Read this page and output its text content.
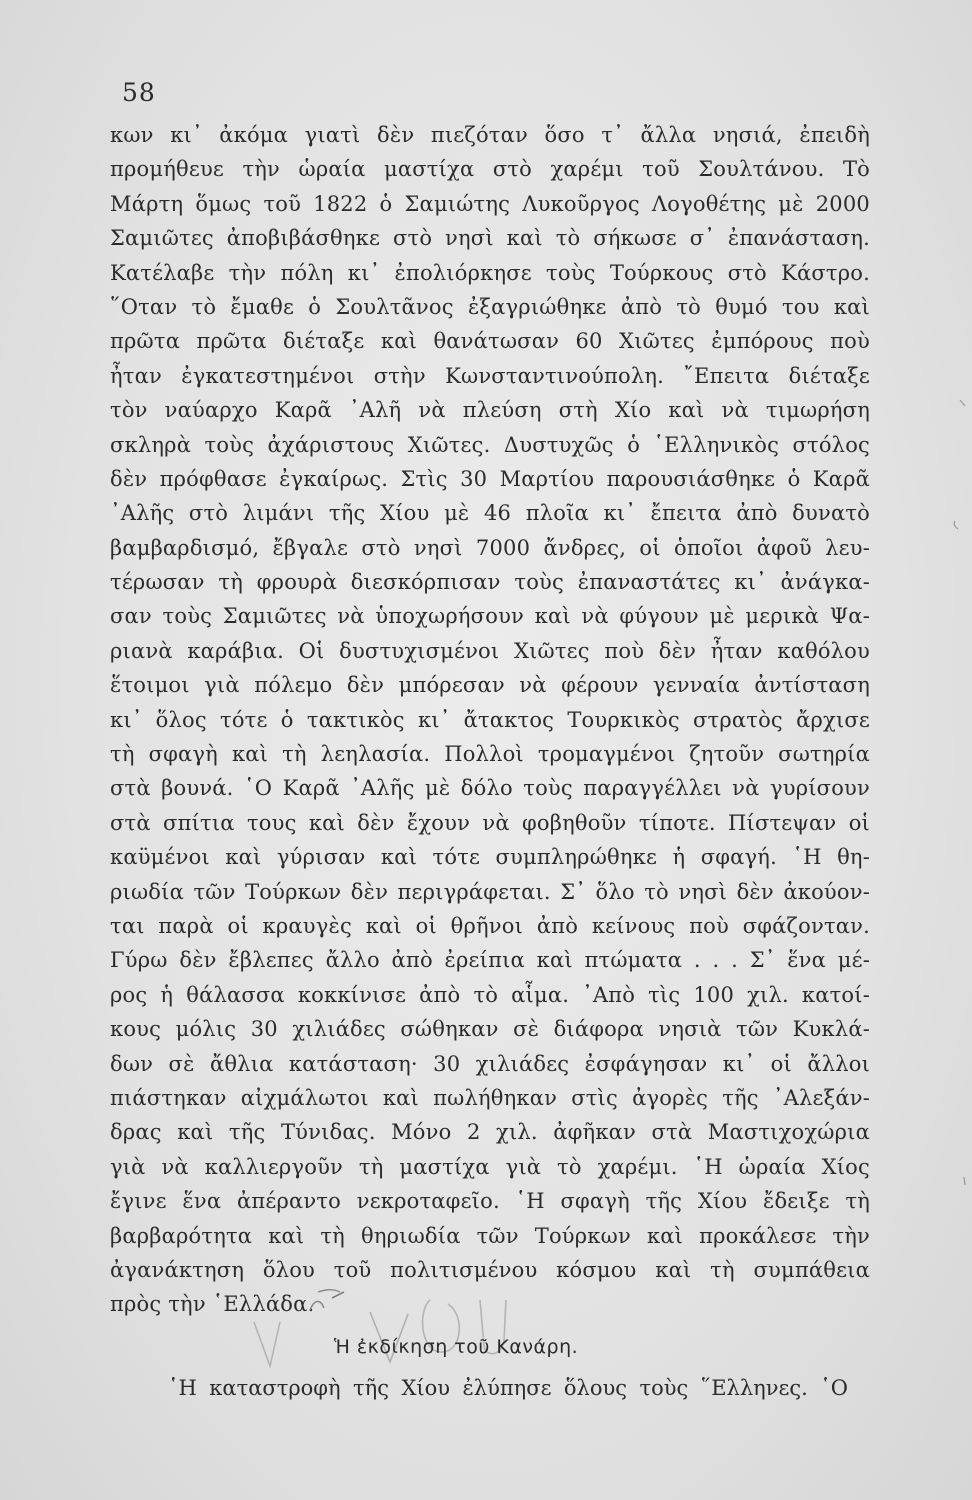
58
κων κι᾿ ἀκόμα γιατὶ δὲν πιεζόταν ὅσο τ᾿ ἄλλα νησιά, ἐπειδὴ
προμήθευε τὴν ὡραία μαστίχα στὸ χαρέμι τοῦ Σουλτάνου. Τὸ
Μάρτη ὅμως τοῦ 1822 ὁ Σαμιώτης Λυκοῦργος Λογοθέτης μὲ 2000
Σαμιῶτες ἀποβιβάσθηκε στὸ νησὶ καὶ τὸ σήκωσε σ᾿ ἐπανάσταση.
Κατέλαβε τὴν πόλη κι᾿ ἐπολιόρκησε τοὺς Τούρκους στὸ Κάστρο.
῞Οταν τὸ ἔμαθε ὁ Σουλτᾶνος ἐξαγριώθηκε ἀπὸ τὸ θυμό του καὶ
πρῶτα πρῶτα διέταξε καὶ θανάτωσαν 60 Χιῶτες ἐμπόρους ποὺ
ἦταν ἐγκατεστημένοι στὴν Κωνσταντινούπολη. ῎Επειτα διέταξε
τὸν ναύαρχο Καρᾶ ᾿Αλῆ νὰ πλεύση στὴ Χίο καὶ νὰ τιμωρήση
σκληρὰ τοὺς ἀχάριστους Χιῶτες. Δυστυχῶς ὁ ῾Ελληνικὸς στόλος
δὲν πρόφθασε ἐγκαίρως. Στὶς 30 Μαρτίου παρουσιάσθηκε ὁ Καρᾶ
᾿Αλῆς στὸ λιμάνι τῆς Χίου μὲ 46 πλοῖα κι᾿ ἔπειτα ἀπὸ δυνατὸ
βαμβαρδισμό, ἔβγαλε στὸ νησὶ 7000 ἄνδρες, οἱ ὁποῖοι ἀφοῦ λευ-
τέρωσαν τὴ φρουρὰ διεσκόρπισαν τοὺς ἐπαναστάτες κι᾿ ἀνάγκα-
σαν τοὺς Σαμιῶτες νὰ ὑποχωρήσουν καὶ νὰ φύγουν μὲ μερικὰ Ψα-
ριανὰ καράβια. Οἱ δυστυχισμένοι Χιῶτες ποὺ δὲν ἦταν καθόλου
ἕτοιμοι γιὰ πόλεμο δὲν μπόρεσαν νὰ φέρουν γενναία ἀντίσταση
κι᾿ ὅλος τότε ὁ τακτικὸς κι᾿ ἄτακτος Τουρκικὸς στρατὸς ἄρχισε
τὴ σφαγὴ καὶ τὴ λεηλασία. Πολλοὶ τρομαγμένοι ζητοῦν σωτηρία
στὰ βουνά. ῾Ο Καρᾶ ᾿Αλῆς μὲ δόλο τοὺς παραγγέλλει νὰ γυρίσουν
στὰ σπίτια τους καὶ δὲν ἔχουν νὰ φοβηθοῦν τίποτε. Πίστεψαν οἱ
καϋμένοι καὶ γύρισαν καὶ τότε συμπληρώθηκε ἡ σφαγή. ῾Η θη-
ριωδία τῶν Τούρκων δὲν περιγράφεται. Σ᾿ ὅλο τὸ νησὶ δὲν ἀκούον-
ται παρὰ οἱ κραυγὲς καὶ οἱ θρῆνοι ἀπὸ κείνους ποὺ σφάζονταν.
Γύρω δὲν ἔβλεπες ἄλλο ἀπὸ ἐρείπια καὶ πτώματα . . . Σ᾿ ἕνα μέ-
ρος ἡ θάλασσα κοκκίνισε ἀπὸ τὸ αἷμα. ᾿Απὸ τὶς 100 χιλ. κατοί-
κους μόλις 30 χιλιάδες σώθηκαν σὲ διάφορα νησιὰ τῶν Κυκλά-
δων σὲ ἄθλια κατάσταση· 30 χιλιάδες ἐσφάγησαν κι᾿ οἱ ἄλλοι
πιάστηκαν αἰχμάλωτοι καὶ πωλήθηκαν στὶς ἀγορὲς τῆς ᾿Αλεξάν-
δρας καὶ τῆς Τύνιδας. Μόνο 2 χιλ. ἀφῆκαν στὰ Μαστιχοχώρια
γιὰ νὰ καλλιεργοῦν τὴ μαστίχα γιὰ τὸ χαρέμι. ῾Η ὡραία Χίος
ἔγινε ἕνα ἀπέραντο νεκροταφεῖο. ῾Η σφαγὴ τῆς Χίου ἔδειξε τὴ
βαρβαρότητα καὶ τὴ θηριωδία τῶν Τούρκων καὶ προκάλεσε τὴν
ἀγανάκτηση ὅλου τοῦ πολιτισμένου κόσμου καὶ τὴ συμπάθεια
πρὸς τὴν ῾Ελλάδα.
Ἡ ἐκδίκηση τοῦ Κανάρη.
῾Η καταστροφὴ τῆς Χίου ἐλύπησε ὅλους τοὺς ῞Ελληνες. ῾Ο
